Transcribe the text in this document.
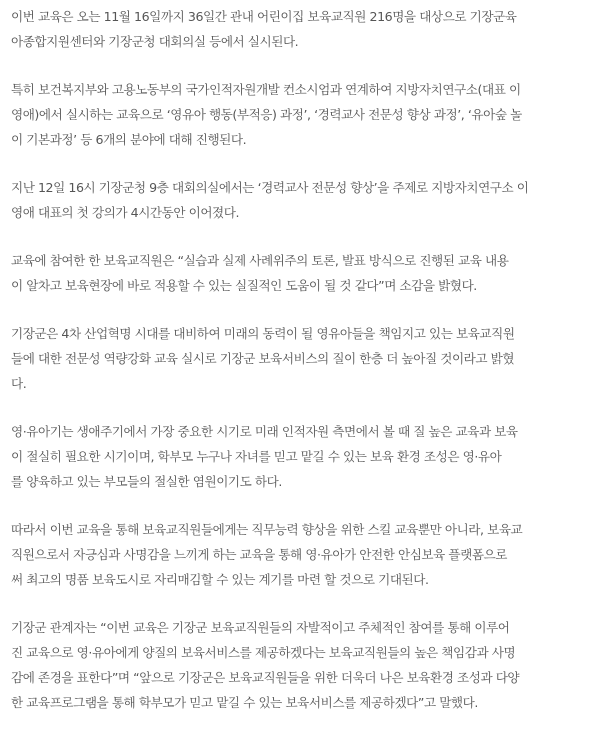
이번 교육은 오는 11월 16일까지 36일간 관내 어린이집 보육교직원 216명을 대상으로 기장군육
아종합지원센터와 기장군청 대회의실 등에서 실시된다.

특히 보건복지부와 고용노동부의 국가인적자원개발 컨소시엄과 연계하여 지방자치연구소(대표 이
영애)에서 실시하는 교육으로 ‘영유아 행동(부적응) 과정’, ‘경력교사 전문성 향상 과정’, ‘유아숲 놀
이 기본과정’ 등 6개의 분야에 대해 진행된다.

지난 12일 16시 기장군청 9층 대회의실에서는 ‘경력교사 전문성 향상’을 주제로 지방자치연구소 이
영애 대표의 첫 강의가 4시간동안 이어졌다.

교육에 참여한 한 보육교직원은 “실습과 실제 사례위주의 토론, 발표 방식으로 진행된 교육 내용
이 알차고 보육현장에 바로 적용할 수 있는 실질적인 도움이 될 것 같다”며 소감을 밝혔다.

기장군은 4차 산업혁명 시대를 대비하여 미래의 동력이 될 영유아들을 책임지고 있는 보육교직원
들에 대한 전문성 역량강화 교육 실시로 기장군 보육서비스의 질이 한층 더 높아질 것이라고 밝혔
다.

영·유아기는 생애주기에서 가장 중요한 시기로 미래 인적자원 측면에서 볼 때 질 높은 교육과 보육
이 절실히 필요한 시기이며, 학부모 누구나 자녀를 믿고 맡길 수 있는 보육 환경 조성은 영·유아
를 양육하고 있는 부모들의 절실한 염원이기도 하다.

따라서 이번 교육을 통해 보육교직원들에게는 직무능력 향상을 위한 스킬 교육뿐만 아니라, 보육교
직원으로서 자긍심과 사명감을 느끼게 하는 교육을 통해 영·유아가 안전한 안심보육 플랫폼으로
써 최고의 명품 보육도시로 자리매김할 수 있는 계기를 마련 할 것으로 기대된다.

기장군 관계자는 “이번 교육은 기장군 보육교직원들의 자발적이고 주체적인 참여를 통해 이루어
진 교육으로 영·유아에게 양질의 보육서비스를 제공하겠다는 보육교직원들의 높은 책임감과 사명
감에 존경을 표한다”며 “앞으로 기장군은 보육교직원들을 위한 더욱더 나은 보육환경 조성과 다양
한 교육프로그램을 통해 학부모가 믿고 맡길 수 있는 보육서비스를 제공하겠다”고 말했다.
